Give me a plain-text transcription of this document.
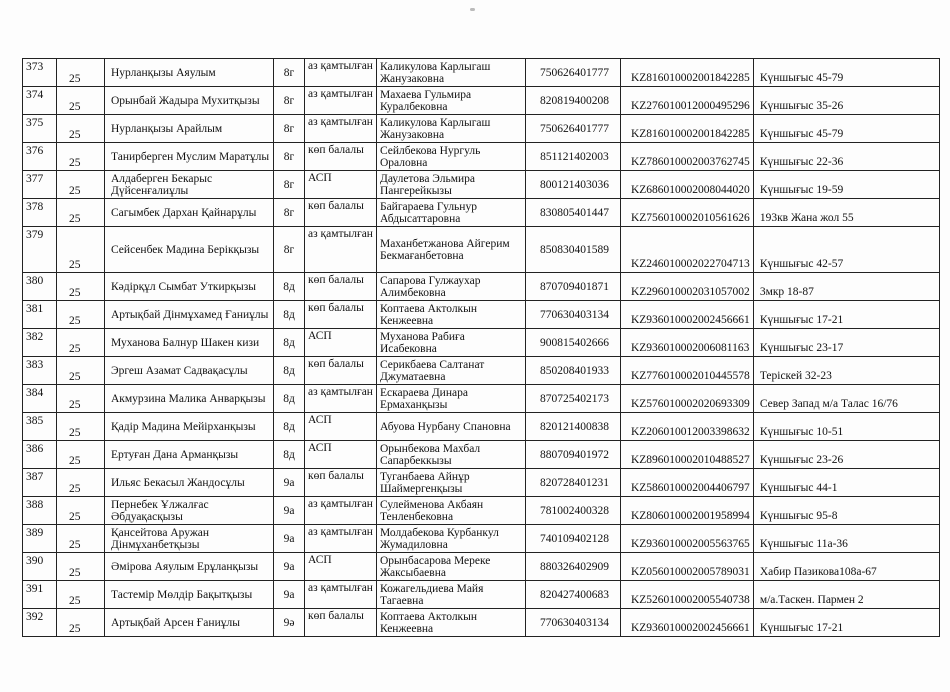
373	25	Нурланқызы Аяулым	8г	аз қамтылған	Каликулова Карлыгаш Жанузаковна	750626401777	KZ816010002001842285	Күншығыс 45-79
374	25	Орынбай Жадыра Мухитқызы	8г	аз қамтылған	Махаева Гульмира Куралбековна	820819400208	KZ276010012000495296	Күншығыс 35-26
375	25	Нурланқызы Арайлым	8г	аз қамтылған	Каликулова Карлыгаш Жанузаковна	750626401777	KZ816010002001842285	Күншығыс 45-79
376	25	Танирберген Муслим Маратұлы	8г	көп балалы	Сейлбекова Нургуль Ораловна	851121402003	KZ786010002003762745	Күншығыс 22-36
377	25	Алдаберген Бекарыс Дүйсенғалиұлы	8г	АСП	Даулетова Эльмира Пангерейкызы	800121403036	KZ686010002008044020	Күншығыс 19-59
378	25	Сагымбек Дархан Қайнарұлы	8г	көп балалы	Байгараева Гульнур Абдысаттаровна	830805401447	KZ756010002010561626	193кв Жана жол 55
379	25	Сейсенбек Мадина Берікқызы	8г	аз қамтылған	Маханбетжанова Айгерим Бекмағанбетовна	850830401589	KZ246010002022704713	Күншығыс 42-57
380	25	Кәдірқұл Сымбат Уткирқызы	8д	көп балалы	Сапарова Гулжаухар Алимбековна	870709401871	KZ296010002031057002	3мкр 18-87
381	25	Артықбай Дінмұхамед Ғаниұлы	8д	көп балалы	Коптаева Актолкын Кенжеевна	770630403134	KZ936010002002456661	Күншығыс 17-21
382	25	Муханова Балнур Шакен кизи	8д	АСП	Муханова Рабиға Исабековна	900815402666	KZ936010002006081163	Күншығыс 23-17
383	25	Эргеш Азамат Садвақасұлы	8д	көп балалы	Серикбаева Салтанат Джуматаевна	850208401933	KZ776010002010445578	Терiскей 32-23
384	25	Акмурзина Малика Анварқызы	8д	аз қамтылған	Ескараева Динара Ермаханқызы	870725402173	KZ576010002020693309	Север Запад м/а Талас 16/76
385	25	Қадір Мадина Мейірханқызы	8д	АСП	Абуова Нурбану Спановна	820121400838	KZ206010012003398632	Күншығыс 10-51
386	25	Ертуған Дана Арманқызы	8д	АСП	Орынбекова Махбал Сапарбеккызы	880709401972	KZ896010002010488527	Күншығыс 23-26
387	25	Ильяс Бекасыл Жандосұлы	9а	көп балалы	Туганбаева Айнұр Шаймергенқызы	820728401231	KZ586010002004406797	Күншығыс 44-1
388	25	Пернебек Ұлжалғас Әбдуақасқызы	9а	аз қамтылған	Сулейменова Акбаян Тенленбековна	781002400328	KZ806010002001958994	Күншығыс 95-8
389	25	Қансейтова Аружан Дінмұханбетқызы	9а	аз қамтылған	Молдабекова Курбанкул Жумадиловна	740109402128	KZ936010002005563765	Күншығыс 11а-36
390	25	Әмірова Аяулым Ерұланқызы	9а	АСП	Орынбасарова Мереке Жаксыбаевна	880326402909	KZ056010002005789031	Хабир Пазикова108а-67
391	25	Тастемір Мөлдір Бақытқызы	9а	аз қамтылған	Кожагельдиева Майя Тагаевна	820427400683	KZ526010002005540738	м/а.Таскен. Пармен 2
392	25	Артықбай Арсен Ғаниұлы	9ә	көп балалы	Коптаева Актолкын Кенжеевна	770630403134	KZ936010002002456661	Күншығыс 17-21
